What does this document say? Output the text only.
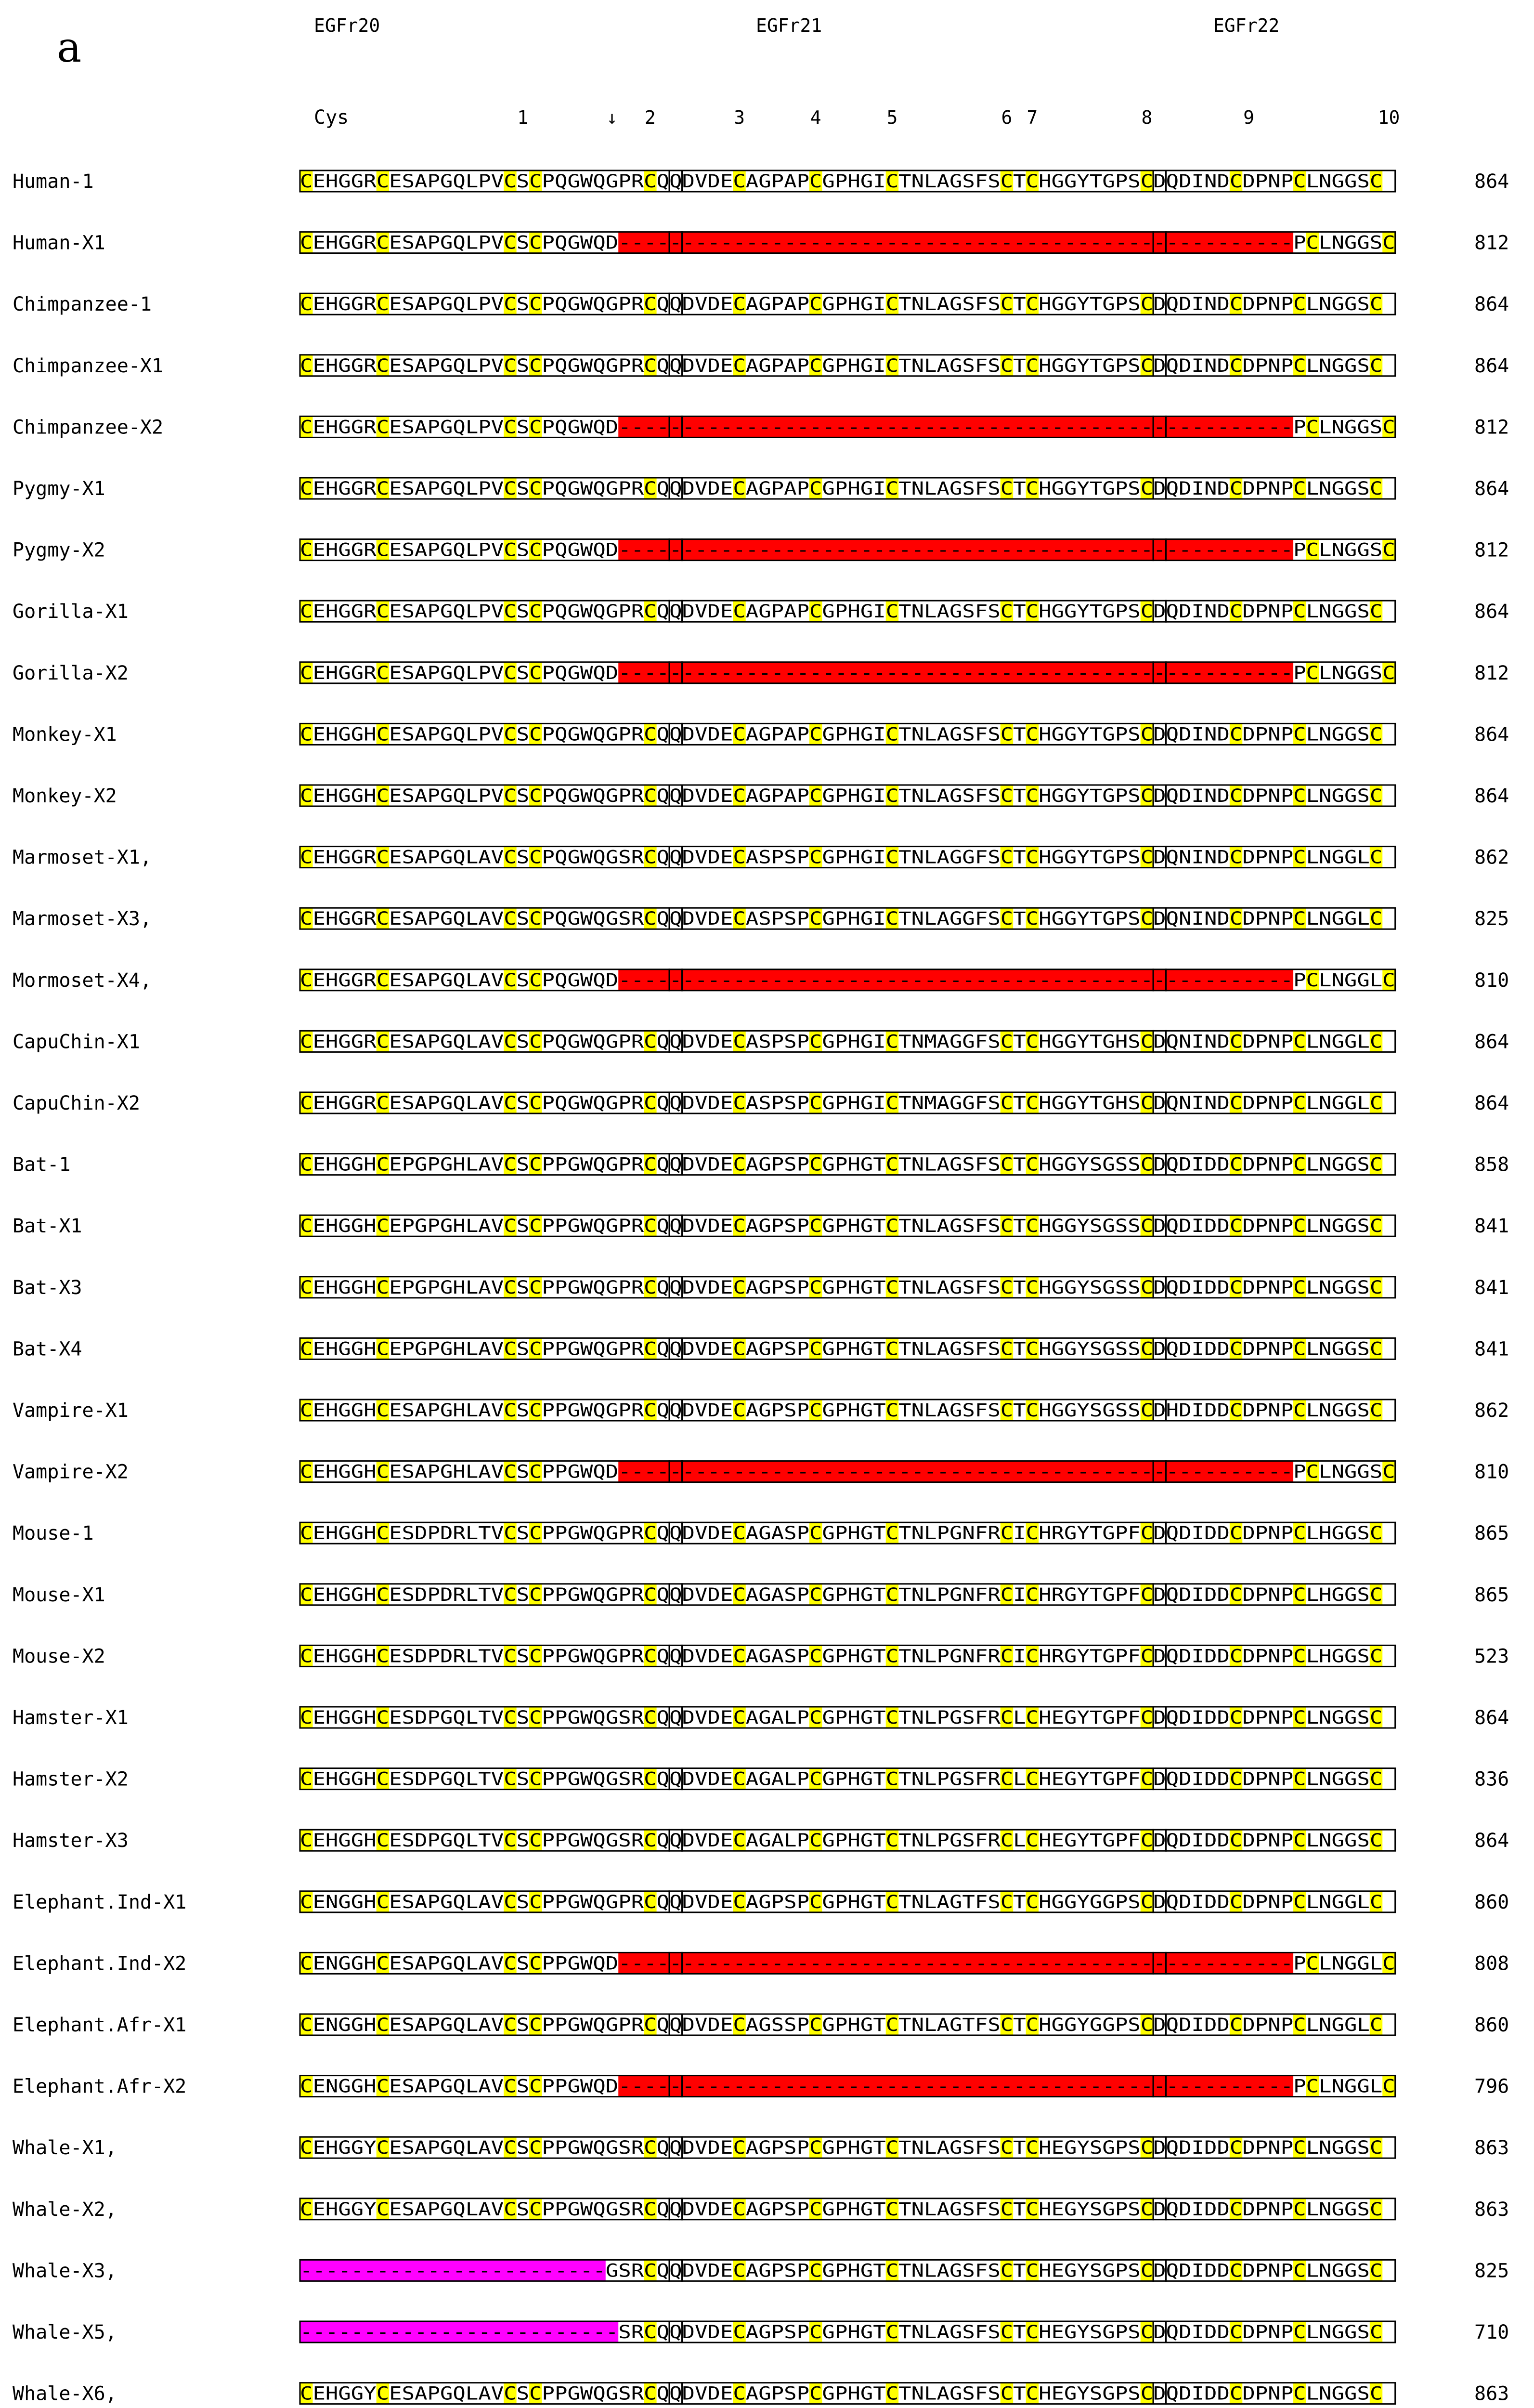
a	EGFr20	EGFr21	EGFr22
Cys	1	↓ 2	3	4	5	6 7	8	9	10
Human-1	CEHGGRCESAPGQLPVCSCPQGWQGPRCQQDVDECAGPAPCGPHGICTNLAGSFSCTCHGGYTGPSCDQDINDCDPNPCLNGGSC	864
Human-X1	CEHGGRCESAPGQLPVCSCPQGWQD-----------------------------------------------------PCLNGGSC	812
Chimpanzee-1	CEHGGRCESAPGQLPVCSCPQGWQGPRCQQDVDECAGPAPCGPHGICTNLAGSFSCTCHGGYTGPSCDQDINDCDPNPCLNGGSC	864
Chimpanzee-X1	CEHGGRCESAPGQLPVCSCPQGWQGPRCQQDVDECAGPAPCGPHGICTNLAGSFSCTCHGGYTGPSCDQDINDCDPNPCLNGGSC	864
Chimpanzee-X2	CEHGGRCESAPGQLPVCSCPQGWQD-----------------------------------------------------PCLNGGSC	812
Pygmy-X1	CEHGGRCESAPGQLPVCSCPQGWQGPRCQQDVDECAGPAPCGPHGICTNLAGSFSCTCHGGYTGPSCDQDINDCDPNPCLNGGSC	864
Pygmy-X2	CEHGGRCESAPGQLPVCSCPQGWQD-----------------------------------------------------PCLNGGSC	812
Gorilla-X1	CEHGGRCESAPGQLPVCSCPQGWQGPRCQQDVDECAGPAPCGPHGICTNLAGSFSCTCHGGYTGPSCDQDINDCDPNPCLNGGSC	864
Gorilla-X2	CEHGGRCESAPGQLPVCSCPQGWQD-----------------------------------------------------PCLNGGSC	812
Monkey-X1	CEHGGHCESAPGQLPVCSCPQGWQGPRCQQDVDECAGPAPCGPHGICTNLAGSFSCTCHGGYTGPSCDQDINDCDPNPCLNGGSC	864
Monkey-X2	CEHGGHCESAPGQLPVCSCPQGWQGPRCQQDVDECAGPAPCGPHGICTNLAGSFSCTCHGGYTGPSCDQDINDCDPNPCLNGGSC	864
Marmoset-X1,	CEHGGRCESAPGQLAVCSCPQGWQGSRCQQDVDECASPSPCGPHGICTNLAGGFSCTCHGGYTGPSCDQNINDCDPNPCLNGGLC	862
Marmoset-X3,	CEHGGRCESAPGQLAVCSCPQGWQGSRCQQDVDECASPSPCGPHGICTNLAGGFSCTCHGGYTGPSCDQNINDCDPNPCLNGGLC	825
Mormoset-X4,	CEHGGRCESAPGQLAVCSCPQGWQD-----------------------------------------------------PCLNGGLC	810
CapuChin-X1	CEHGGRCESAPGQLAVCSCPQGWQGPRCQQDVDECASPSPCGPHGICTNMAGGFSCTCHGGYTGHSCDQNINDCDPNPCLNGGLC	864
CapuChin-X2	CEHGGRCESAPGQLAVCSCPQGWQGPRCQQDVDECASPSPCGPHGICTNMAGGFSCTCHGGYTGHSCDQNINDCDPNPCLNGGLC	864
Bat-1	CEHGGHCEPGPGHLAVCSCPPGWQGPRCQQDVDECAGPSPCGPHGTCTNLAGSFSCTCHGGYSGSSCDQDIDDCDPNPCLNGGSC	858
Bat-X1	CEHGGHCEPGPGHLAVCSCPPGWQGPRCQQDVDECAGPSPCGPHGTCTNLAGSFSCTCHGGYSGSSCDQDIDDCDPNPCLNGGSC	841
Bat-X3	CEHGGHCEPGPGHLAVCSCPPGWQGPRCQQDVDECAGPSPCGPHGTCTNLAGSFSCTCHGGYSGSSCDQDIDDCDPNPCLNGGSC	841
Bat-X4	CEHGGHCEPGPGHLAVCSCPPGWQGPRCQQDVDECAGPSPCGPHGTCTNLAGSFSCTCHGGYSGSSCDQDIDDCDPNPCLNGGSC	841
Vampire-X1	CEHGGHCESAPGHLAVCSCPPGWQGPRCQQDVDECAGPSPCGPHGTCTNLAGSFSCTCHGGYSGSSCDHDIDDCDPNPCLNGGSC	862
Vampire-X2	CEHGGHCESAPGHLAVCSCPPGWQD-----------------------------------------------------PCLNGGSC	810
Mouse-1	CEHGGHCESDPDRLTVCSCPPGWQGPRCQQDVDECAGASPCGPHGTCTNLPGNFRCICHRGYTGPFCDQDIDDCDPNPCLHGGSC	865
Mouse-X1	CEHGGHCESDPDRLTVCSCPPGWQGPRCQQDVDECAGASPCGPHGTCTNLPGNFRCICHRGYTGPFCDQDIDDCDPNPCLHGGSC	865
Mouse-X2	CEHGGHCESDPDRLTVCSCPPGWQGPRCQQDVDECAGASPCGPHGTCTNLPGNFRCICHRGYTGPFCDQDIDDCDPNPCLHGGSC	523
Hamster-X1	CEHGGHCESDPGQLTVCSCPPGWQGSRCQQDVDECAGALPCGPHGTCTNLPGSFRCLCHEGYTGPFCDQDIDDCDPNPCLNGGSC	864
Hamster-X2	CEHGGHCESDPGQLTVCSCPPGWQGSRCQQDVDECAGALPCGPHGTCTNLPGSFRCLCHEGYTGPFCDQDIDDCDPNPCLNGGSC	836
Hamster-X3	CEHGGHCESDPGQLTVCSCPPGWQGSRCQQDVDECAGALPCGPHGTCTNLPGSFRCLCHEGYTGPFCDQDIDDCDPNPCLNGGSC	864
Elephant.Ind-X1	CENGGHCESAPGQLAVCSCPPGWQGPRCQQDVDECAGPSPCGPHGTCTNLAGTFSCTCHGGYGGPSCDQDIDDCDPNPCLNGGLC	860
Elephant.Ind-X2	CENGGHCESAPGQLAVCSCPPGWQD-----------------------------------------------------PCLNGGLC	808
Elephant.Afr-X1	CENGGHCESAPGQLAVCSCPPGWQGPRCQQDVDECAGSSPCGPHGTCTNLAGTFSCTCHGGYGGPSCDQDIDDCDPNPCLNGGLC	860
Elephant.Afr-X2	CENGGHCESAPGQLAVCSCPPGWQD-----------------------------------------------------PCLNGGLC	796
Whale-X1,	CEHGGYCESAPGQLAVCSCPPGWQGSRCQQDVDECAGPSPCGPHGTCTNLAGSFSCTCHEGYSGPSCDQDIDDCDPNPCLNGGSC	863
Whale-X2,	CEHGGYCESAPGQLAVCSCPPGWQGSRCQQDVDECAGPSPCGPHGTCTNLAGSFSCTCHEGYSGPSCDQDIDDCDPNPCLNGGSC	863
Whale-X3,	------------------------GSRCQQDVDECAGPSPCGPHGTCTNLAGSFSCTCHEGYSGPSCDQDIDDCDPNPCLNGGSC	825
Whale-X5,	-------------------------SRCQQDVDECAGPSPCGPHGTCTNLAGSFSCTCHEGYSGPSCDQDIDDCDPNPCLNGGSC	710
Whale-X6,	CEHGGYCESAPGQLAVCSCPPGWQGSRCQQDVDECAGPSPCGPHGTCTNLAGSFSCTCHEGYSGPSCDQDIDDCDPNPCLNGGSC	863
